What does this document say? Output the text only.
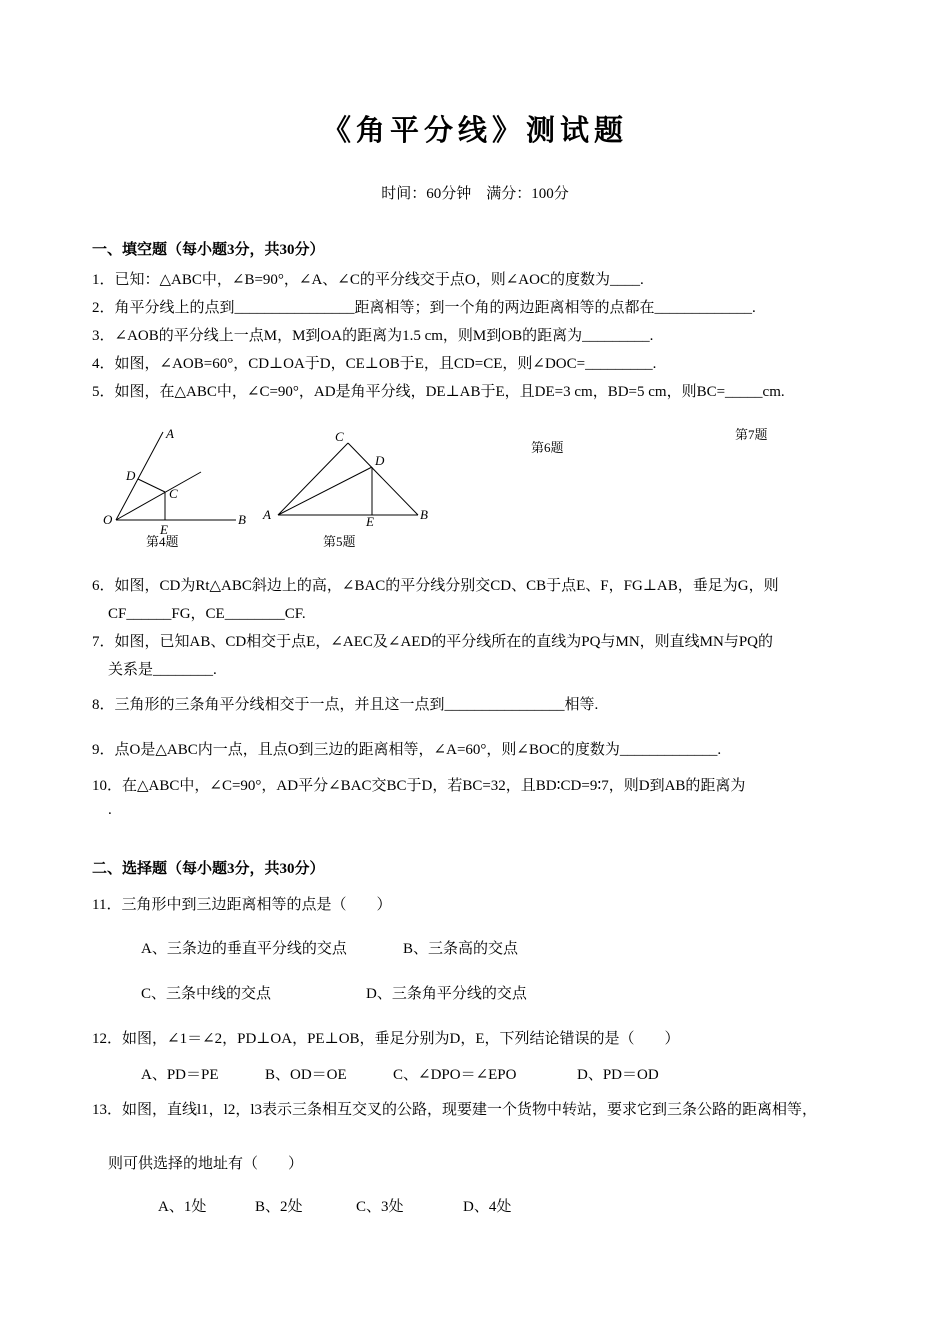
《角平分线》测试题
时间：60分钟　满分：100分
一、填空题（每小题3分，共30分）
1．已知：△ABC中，∠B=90°，∠A、∠C的平分线交于点O，则∠AOC的度数为____.
2．角平分线上的点到________________距离相等；到一个角的两边距离相等的点都在_____________.
3．∠AOB的平分线上一点M，M到OA的距离为1.5 cm，则M到OB的距离为_________.
4．如图，∠AOB=60°，CD⊥OA于D，CE⊥OB于E，且CD=CE，则∠DOC=_________.
5．如图，在△ABC中，∠C=90°，AD是角平分线，DE⊥AB于E，且DE=3 cm，BD=5 cm，则BC=_____cm.
A
B
C
D
E
O
第4题
C
D
A	B
E
第5题
第6题
第7题
6．如图，CD为Rt△ABC斜边上的高，∠BAC的平分线分别交CD、CB于点E、F，FG⊥AB，垂足为G，则
CF______FG，CE________CF.
7．如图，已知AB、CD相交于点E，∠AEC及∠AED的平分线所在的直线为PQ与MN，则直线MN与PQ的
关系是________.
8．三角形的三条角平分线相交于一点，并且这一点到________________相等.
9．点O是△ABC内一点，且点O到三边的距离相等，∠A=60°，则∠BOC的度数为_____________.
10．在△ABC中，∠C=90°，AD平分∠BAC交BC于D，若BC=32，且BD∶CD=9∶7，则D到AB的距离为
.
二、选择题（每小题3分，共30分）
11．三角形中到三边距离相等的点是（　　）
A、三条边的垂直平分线的交点	B、三条高的交点
C、三条中线的交点	D、三条角平分线的交点
12．如图，∠1＝∠2，PD⊥OA，PE⊥OB，垂足分别为D，E，下列结论错误的是（　　）
A、PD＝PE	B、OD＝OE	C、∠DPO＝∠EPO	D、PD＝OD
13．如图，直线l1，l2，l3表示三条相互交叉的公路，现要建一个货物中转站，要求它到三条公路的距离相等，
则可供选择的地址有（　　）
A、1处	B、2处	C、3处	D、4处
